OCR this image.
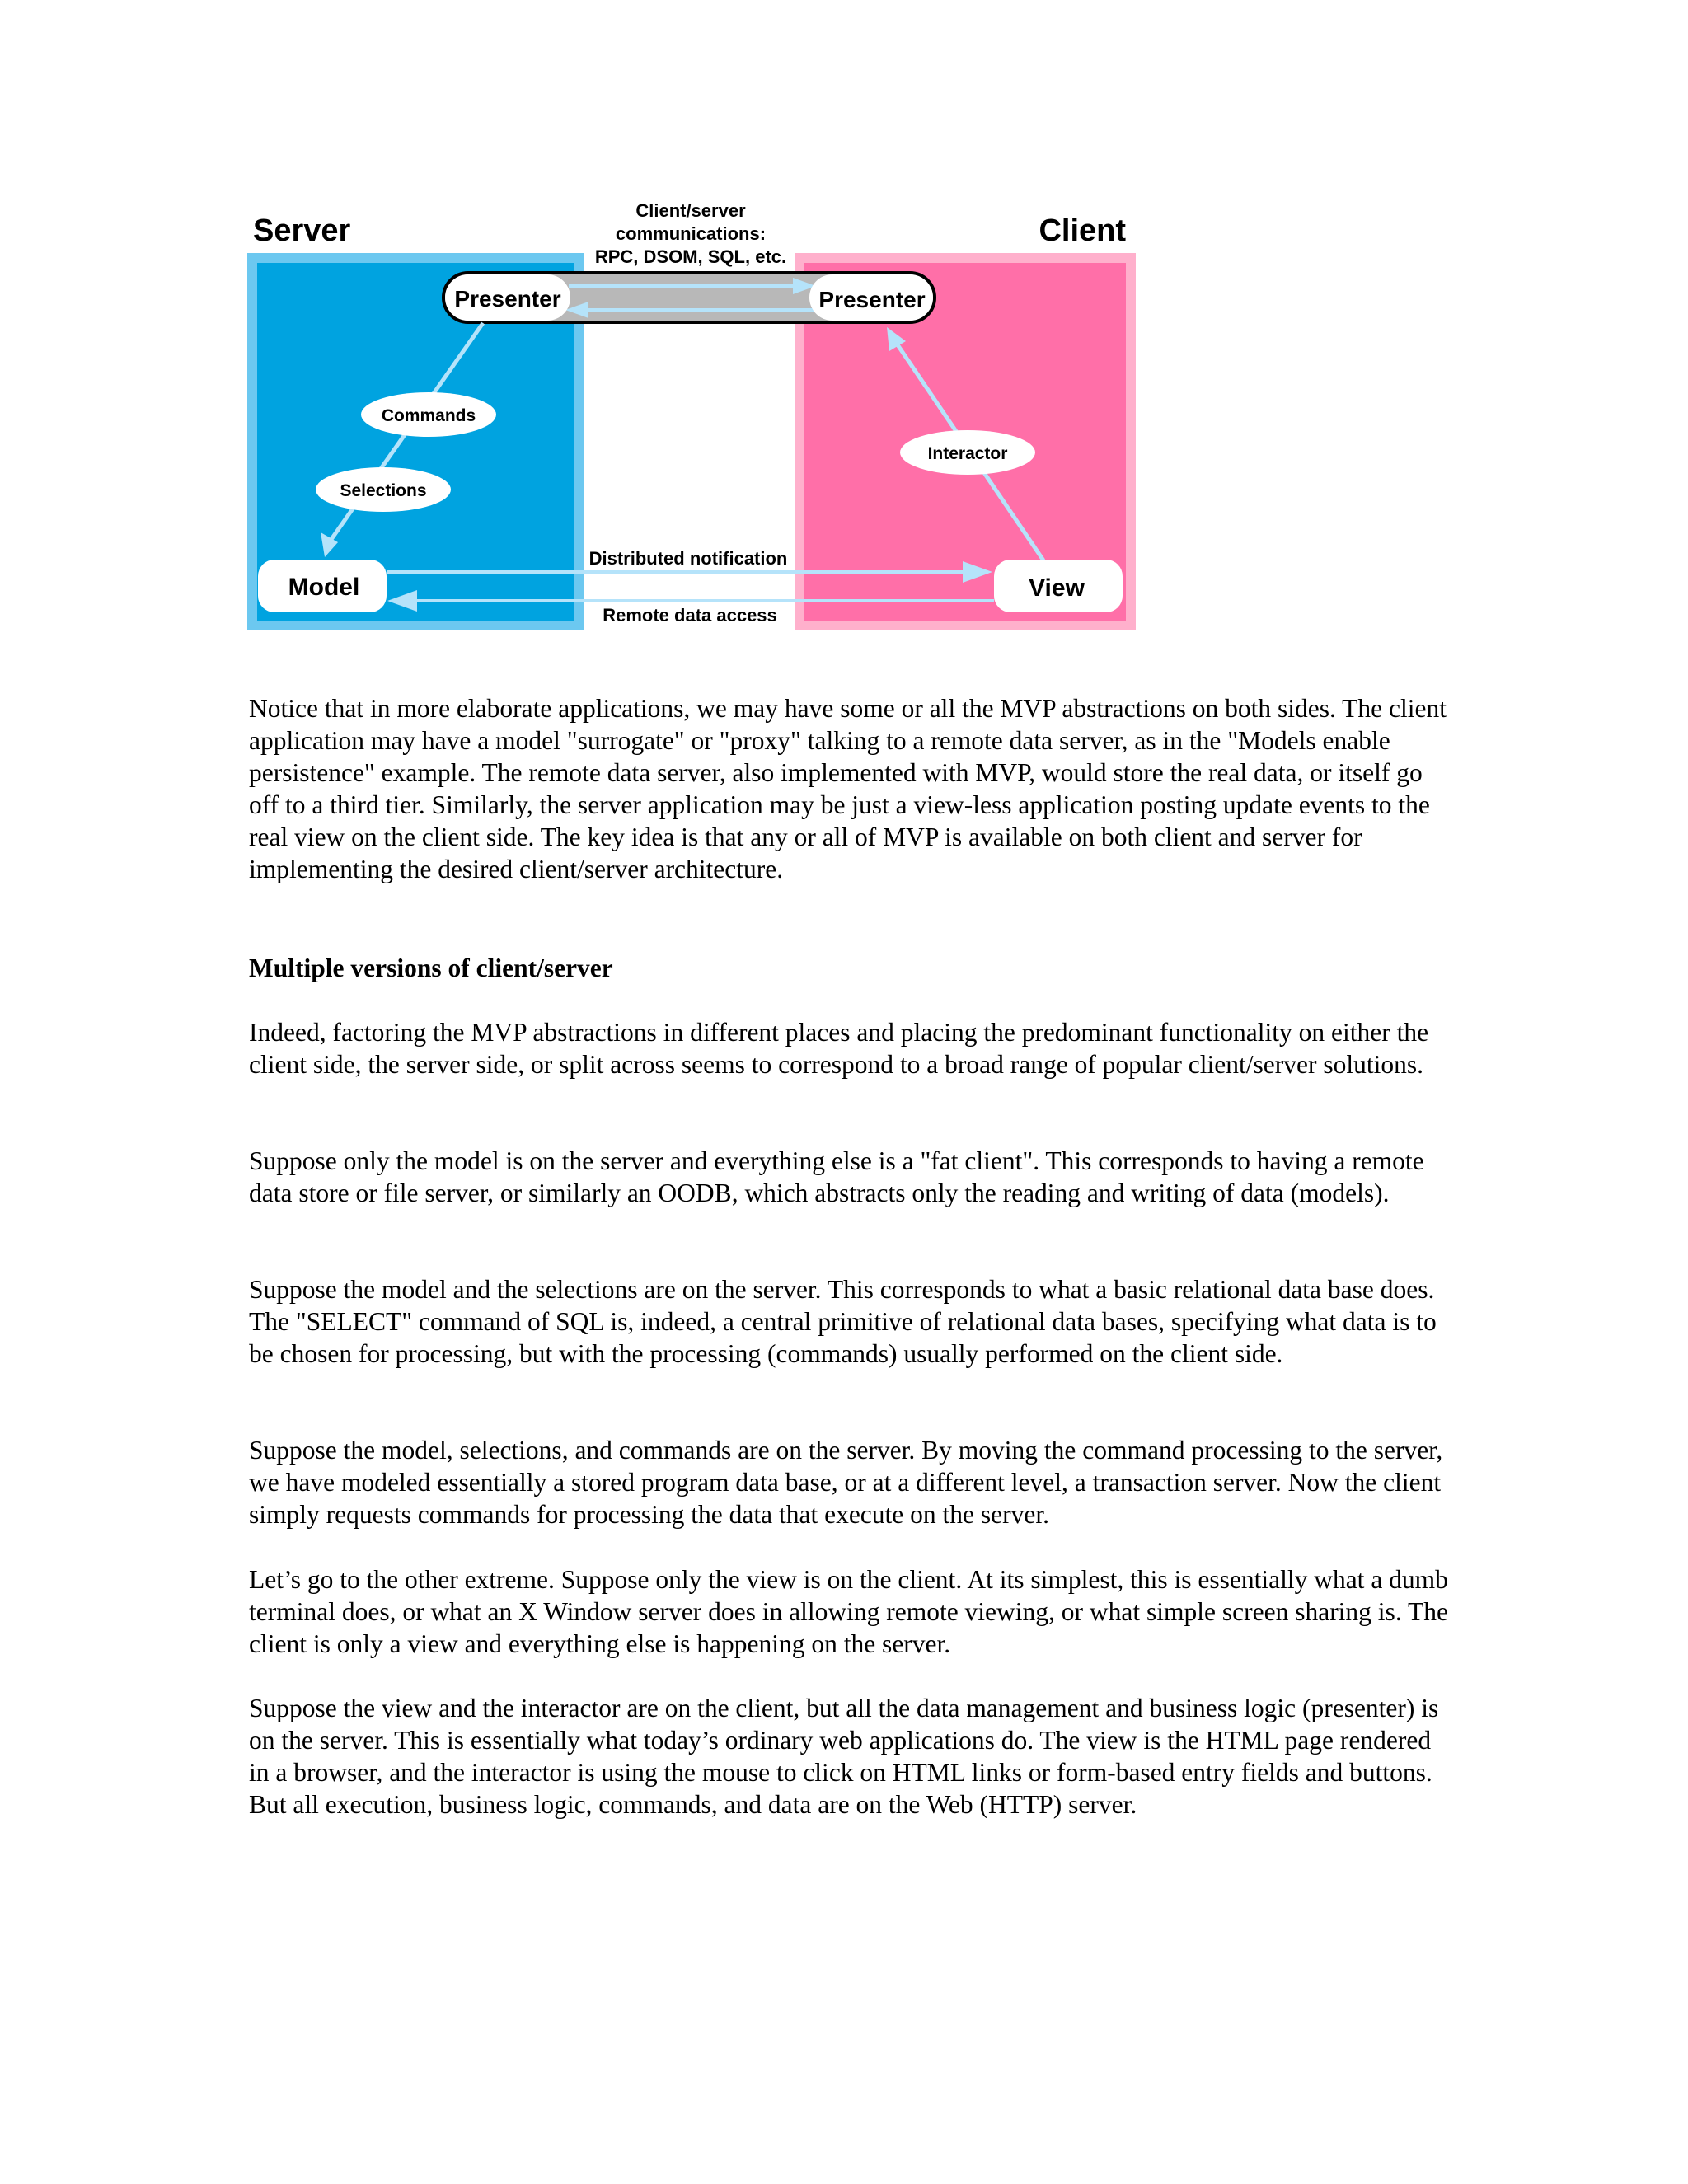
Server	Client
Client/server
communications:
RPC, DSOM, SQL, etc.
Presenter	Presenter
Commands
Selections
Interactor
Model	View
Distributed notification
Remote data access

Notice that in more elaborate applications, we may have some or all the MVP abstractions on both sides. The client application may have a model "surrogate" or "proxy" talking to a remote data server, as in the "Models enable persistence" example. The remote data server, also implemented with MVP, would store the real data, or itself go off to a third tier. Similarly, the server application may be just a view-less application posting update events to the real view on the client side. The key idea is that any or all of MVP is available on both client and server for implementing the desired client/server architecture.

Multiple versions of client/server

Indeed, factoring the MVP abstractions in different places and placing the predominant functionality on either the client side, the server side, or split across seems to correspond to a broad range of popular client/server solutions.

Suppose only the model is on the server and everything else is a "fat client". This corresponds to having a remote data store or file server, or similarly an OODB, which abstracts only the reading and writing of data (models).

Suppose the model and the selections are on the server. This corresponds to what a basic relational data base does. The "SELECT" command of SQL is, indeed, a central primitive of relational data bases, specifying what data is to be chosen for processing, but with the processing (commands) usually performed on the client side.

Suppose the model, selections, and commands are on the server. By moving the command processing to the server, we have modeled essentially a stored program data base, or at a different level, a transaction server. Now the client simply requests commands for processing the data that execute on the server.

Let’s go to the other extreme. Suppose only the view is on the client. At its simplest, this is essentially what a dumb terminal does, or what an X Window server does in allowing remote viewing, or what simple screen sharing is. The client is only a view and everything else is happening on the server.

Suppose the view and the interactor are on the client, but all the data management and business logic (presenter) is on the server. This is essentially what today’s ordinary web applications do. The view is the HTML page rendered in a browser, and the interactor is using the mouse to click on HTML links or form-based entry fields and buttons. But all execution, business logic, commands, and data are on the Web (HTTP) server.
